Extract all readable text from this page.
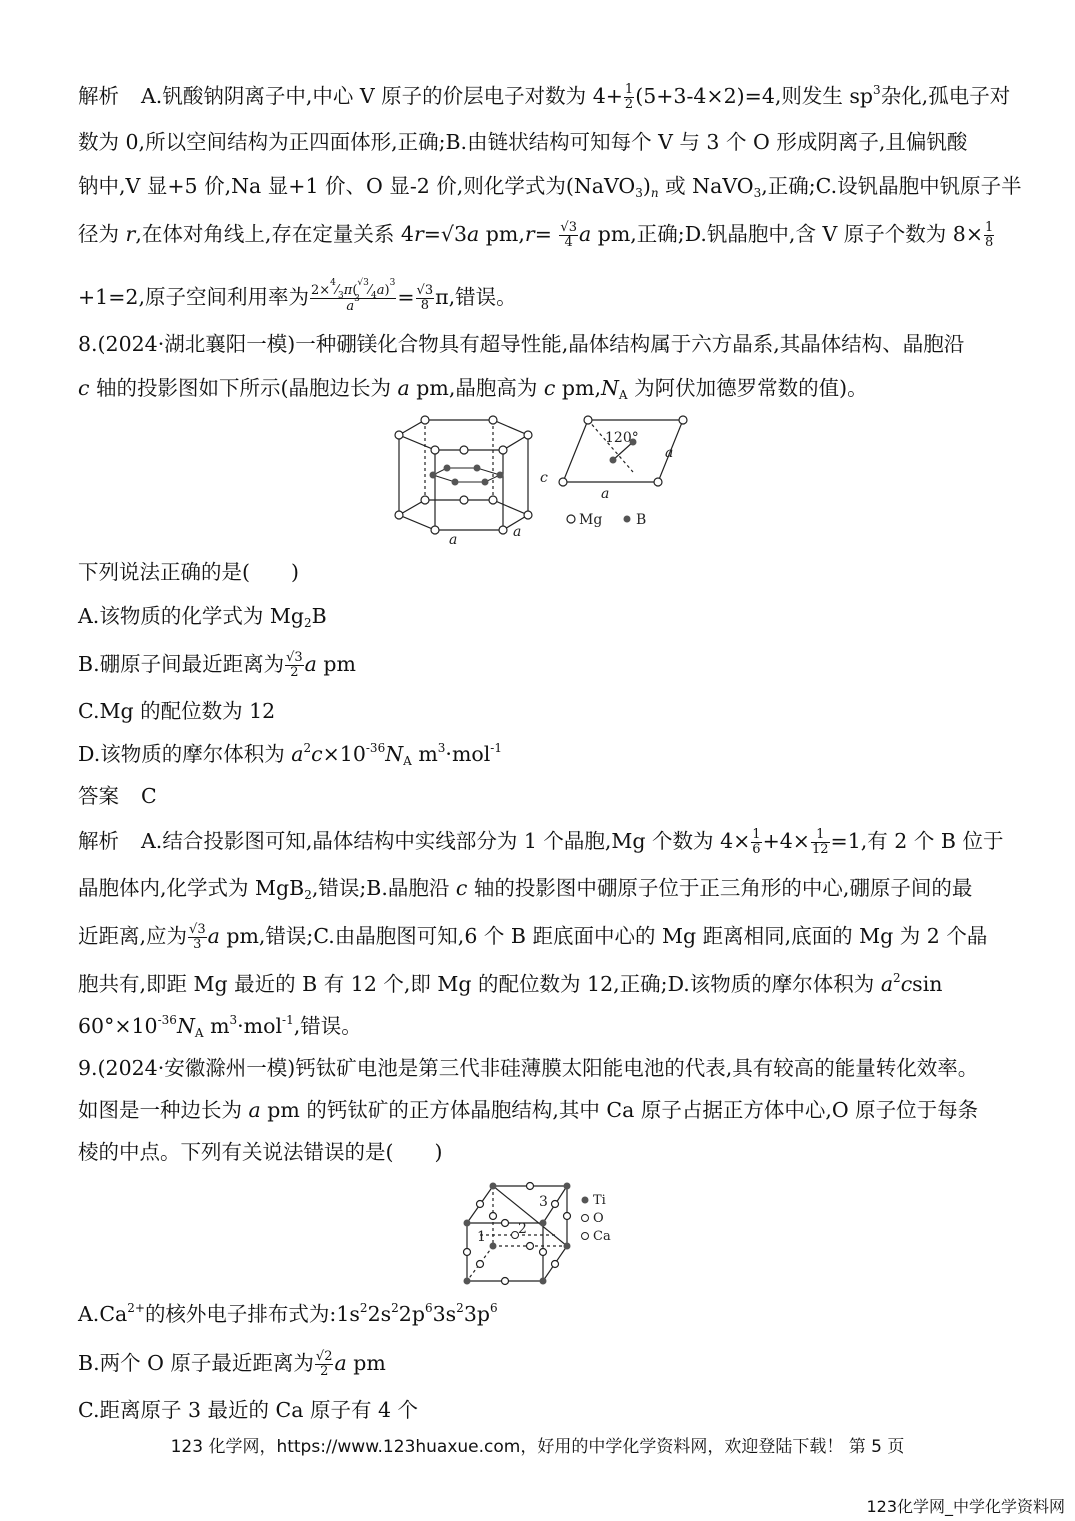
解析 A.钒酸钠阴离子中,中心 V 原子的价层电子对数为 $4+ \frac{1}{2} (5+3-4\times 2)=4$,则发生 $sp^3$杂化,孤电子对
数为 0,所以空间结构为正四面体形,正确;B.由链状结构可知每个 V 与 3 个 O 形成阴离子,且偏钒酸
钠中,V 显+5 价,Na 显+1 价、O 显-2 价,则化学式为$(NaVO_3)_n$ 或 NaVO$_3$,正确;C.设钒晶胞中钒原子半
径为 r,在体对角线上,存在定量关系 4r=√3a $pm,r= \frac{√3}{4}$ a pm,正确;D.钒晶胞中,含 V 原子个数为 $8\times \frac{1}{8}$
+1=2,原子空间利用率为 $\frac{2\times^4⁄_3\pi(^{√3}⁄_4a)^3}{a^3} = \frac{√3}{8} \pi$,错误。
8.(2024·湖北襄阳一模)一种硼镁化合物具有超导性能,晶体结构属于六方晶系,其晶体结构、晶胞沿
c 轴的投影图如下所示(晶胞边长为 a pm,晶胞高为 c $pm,N_A$ 为阿伏加德罗常数的值)。
120°
a
a
c
a	a
Mg B
下列说法正确的是(　　)
A.该物质的化学式为 $Mg_2B$
B.硼原子间最近距离为 $\frac{√3}{2}$ a pm
C.Mg 的配位数为 12
D.该物质的摩尔体积为 $a^2c\times 10^{-36}N_A$ $m^3\cdot mol^{-1}$
答案 C
解析 A.结合投影图可知,晶体结构中实线部分为 1 个晶胞,Mg 个数为 $4\times \frac{1}{6} +4\times \frac{1}{12} =1$,有 2 个 B 位于
晶胞体内,化学式为 MgB$_2$,错误;B.晶胞沿 c 轴的投影图中硼原子位于正三角形的中心,硼原子间的最
近距离,应为 $\frac{√3}{3}$ a pm,错误;C.由晶胞图可知,6 个 B 距底面中心的 Mg 距离相同,底面的 Mg 为 2 个晶
胞共有,即距 Mg 最近的 B 有 12 个,即 Mg 的配位数为 12,正确;D.该物质的摩尔体积为 $a^2csin$
$60^\circ\times 10^{-36}N_A$ $m^3\cdot mol^{-1}$,错误。
9.(2024·安徽滁州一模)钙钛矿电池是第三代非硅薄膜太阳能电池的代表,具有较高的能量转化效率。
如图是一种边长为 a pm 的钙钛矿的正方体晶胞结构,其中 Ca 原子占据正方体中心,O 原子位于每条
棱的中点。下列有关说法错误的是(　　)
1 2
3	Ti
O
Ca
$A.Ca^{2+}$的核外电子排布式为$:1s^22s^22p^63s^23p^6$
B.两个 O 原子最近距离为 $\frac{√2}{2}$ a pm
C.距离原子 3 最近的 Ca 原子有 4 个
123 化学网，https://www.123huaxue.com，好用的中学化学资料网，欢迎登陆下载！ 第 5 页
123化学网_中学化学资料网
